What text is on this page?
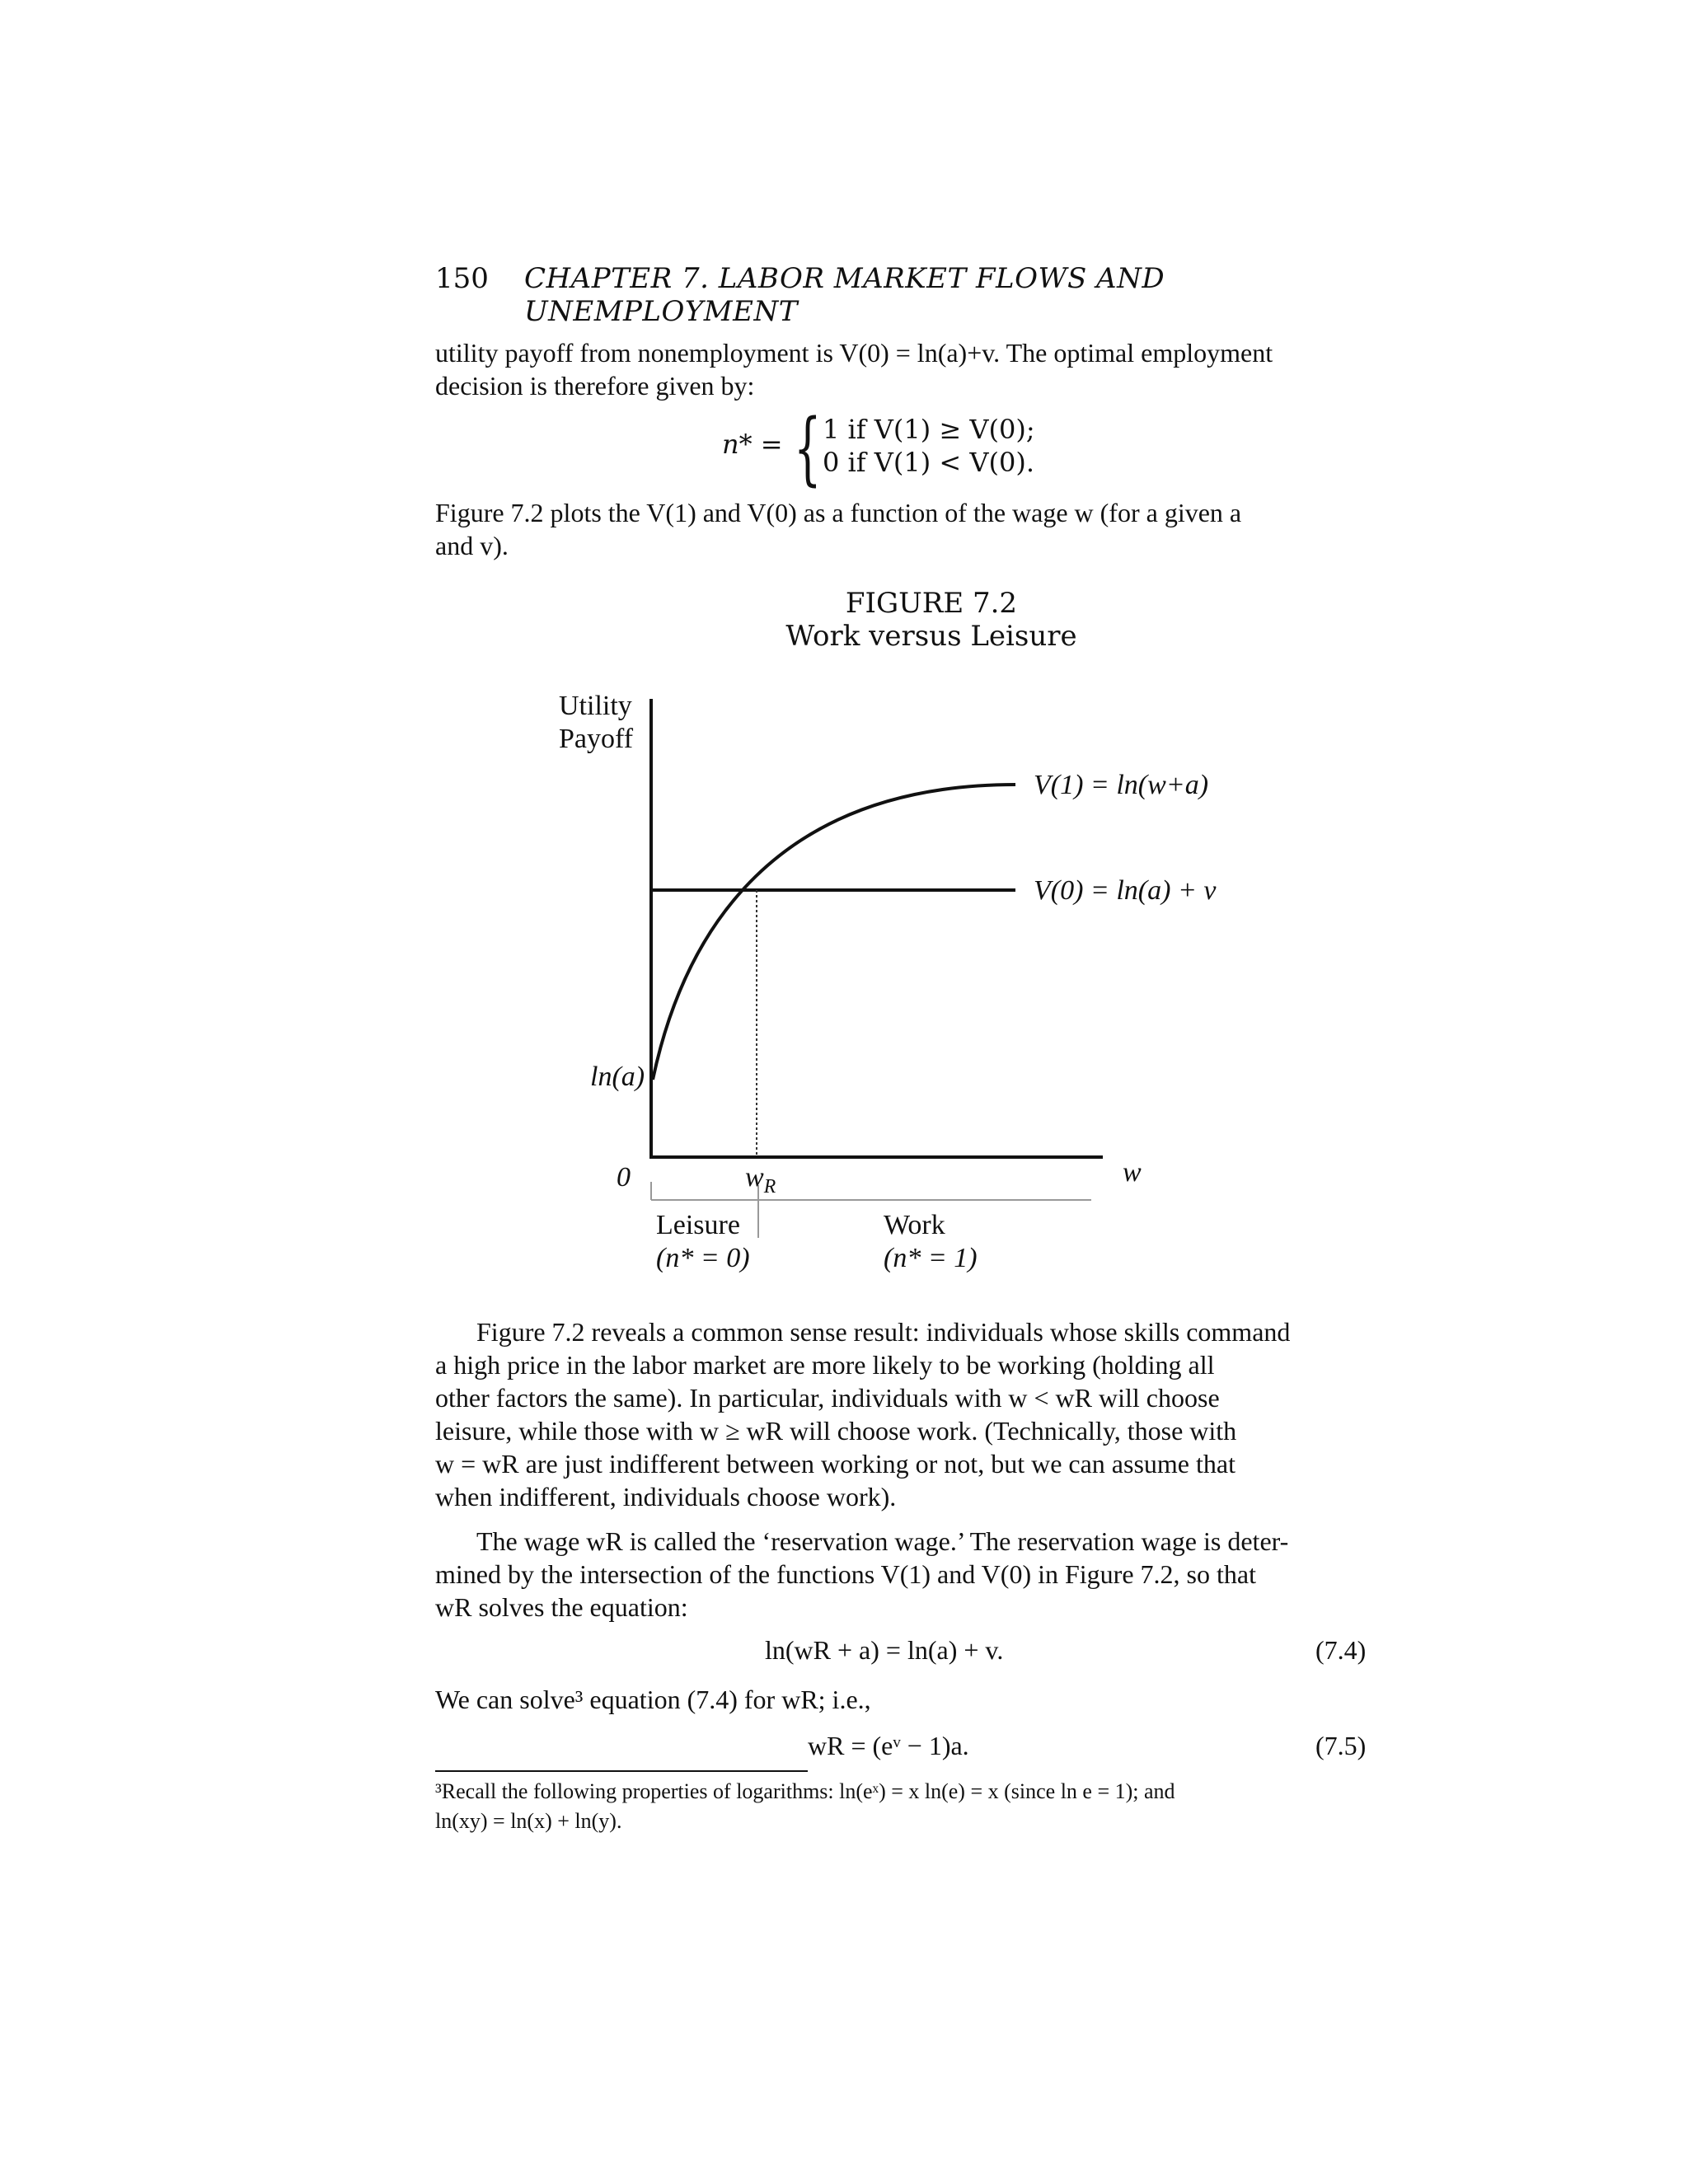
150 CHAPTER 7. LABOR MARKET FLOWS AND UNEMPLOYMENT

utility payoff from nonemployment is V(0) = ln(a)+v. The optimal employment

decision is therefore given by:

n* = { 1 if V(1) ≥ V(0);
0 if V(1) < V(0).

Figure 7.2 plots the V(1) and V(0) as a function of the wage w (for a given a

and v).

FIGURE 7.2
Work versus Leisure
Utility
Payoff
V(1) = ln(w+a)
V(0) = ln(a) + v
ln(a)
0	$w_R$	w
Leisure
(n* = 0)
Work
(n* = 1)

Figure 7.2 reveals a common sense result: individuals whose skills command

a high price in the labor market are more likely to be working (holding all

other factors the same). In particular, individuals with w < wR will choose

leisure, while those with w ≥ wR will choose work. (Technically, those with

w = wR are just indifferent between working or not, but we can assume that

when indifferent, individuals choose work).

The wage wR is called the ‘reservation wage.’ The reservation wage is deter-

mined by the intersection of the functions V(1) and V(0) in Figure 7.2, so that

wR solves the equation:

ln(wR + a) = ln(a) + v.	(7.4)

We can solve³ equation (7.4) for wR; i.e.,

wR = (eᵛ − 1)a.	(7.5)
³Recall the following properties of logarithms: ln(eˣ) = x ln(e) = x (since ln e = 1); and
ln(xy) = ln(x) + ln(y).
